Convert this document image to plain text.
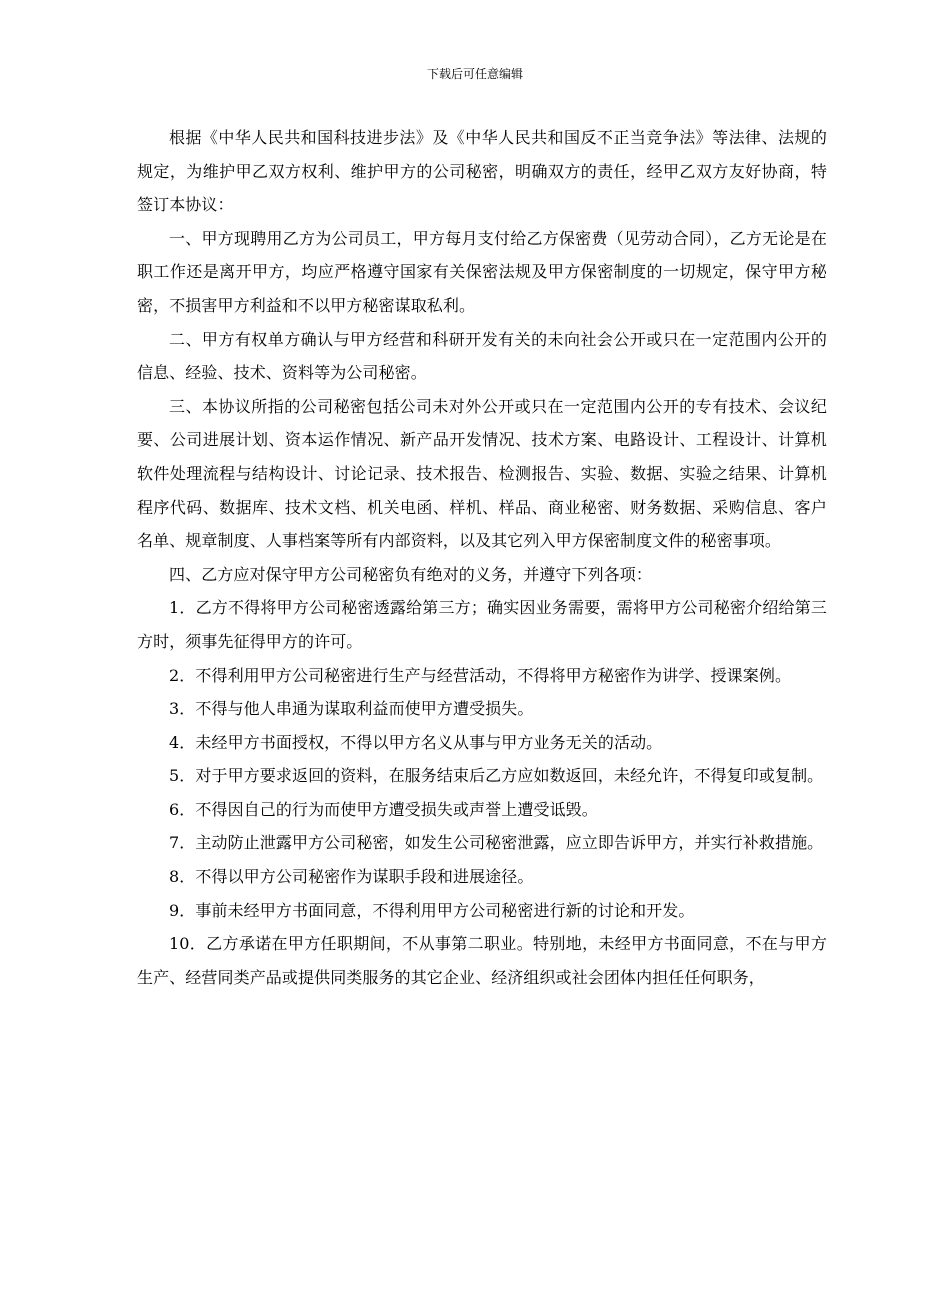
下载后可任意编辑

根据《中华人民共和国科技进步法》及《中华人民共和国反不正当竞争法》等法律、法规的规定，为维护甲乙双方权利、维护甲方的公司秘密，明确双方的责任，经甲乙双方友好协商，特签订本协议：

一、甲方现聘用乙方为公司员工，甲方每月支付给乙方保密费（见劳动合同），乙方无论是在职工作还是离开甲方，均应严格遵守国家有关保密法规及甲方保密制度的一切规定，保守甲方秘密，不损害甲方利益和不以甲方秘密谋取私利。

二、甲方有权单方确认与甲方经营和科研开发有关的未向社会公开或只在一定范围内公开的信息、经验、技术、资料等为公司秘密。

三、本协议所指的公司秘密包括公司未对外公开或只在一定范围内公开的专有技术、会议纪要、公司进展计划、资本运作情况、新产品开发情况、技术方案、电路设计、工程设计、计算机软件处理流程与结构设计、讨论记录、技术报告、检测报告、实验、数据、实验之结果、计算机程序代码、数据库、技术文档、机关电函、样机、样品、商业秘密、财务数据、采购信息、客户名单、规章制度、人事档案等所有内部资料，以及其它列入甲方保密制度文件的秘密事项。

四、乙方应对保守甲方公司秘密负有绝对的义务，并遵守下列各项：

1．乙方不得将甲方公司秘密透露给第三方；确实因业务需要，需将甲方公司秘密介绍给第三方时，须事先征得甲方的许可。

2．不得利用甲方公司秘密进行生产与经营活动，不得将甲方秘密作为讲学、授课案例。

3．不得与他人串通为谋取利益而使甲方遭受损失。

4．未经甲方书面授权，不得以甲方名义从事与甲方业务无关的活动。

5．对于甲方要求返回的资料，在服务结束后乙方应如数返回，未经允许，不得复印或复制。

6．不得因自己的行为而使甲方遭受损失或声誉上遭受诋毁。

7．主动防止泄露甲方公司秘密，如发生公司秘密泄露，应立即告诉甲方，并实行补救措施。

8．不得以甲方公司秘密作为谋职手段和进展途径。

9．事前未经甲方书面同意，不得利用甲方公司秘密进行新的讨论和开发。

10．乙方承诺在甲方任职期间，不从事第二职业。特别地，未经甲方书面同意，不在与甲方生产、经营同类产品或提供同类服务的其它企业、经济组织或社会团体内担任任何职务，
